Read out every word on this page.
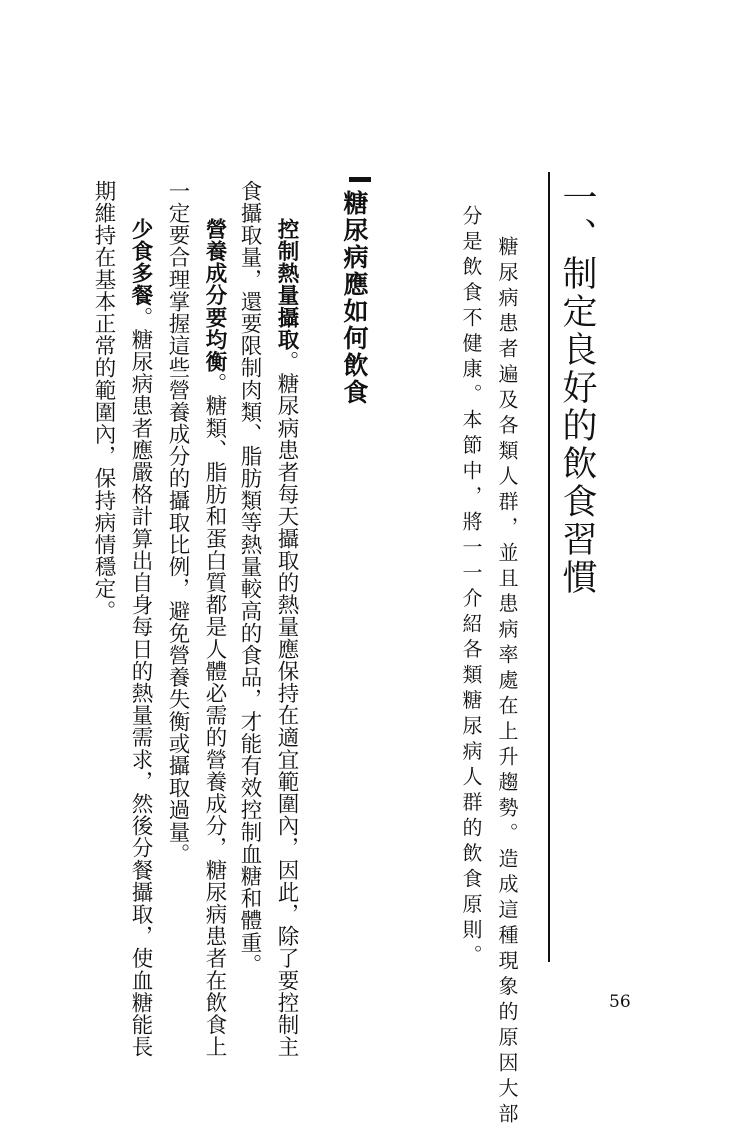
一、制定良好的飲食習慣
糖尿病患者遍及各類人群，並且患病率處在上升趨勢。造成這種現象的原因大部
分是飲食不健康。本節中，將一一介紹各類糖尿病人群的飲食原則。
糖尿病應如何飲食
控制熱量攝取。糖尿病患者每天攝取的熱量應保持在適宜範圍內，因此，除了要控制主
食攝取量，還要限制肉類、脂肪類等熱量較高的食品，才能有效控制血糖和體重。
營養成分要均衡。糖類、脂肪和蛋白質都是人體必需的營養成分，糖尿病患者在飲食上
一定要合理掌握這些營養成分的攝取比例，避免營養失衡或攝取過量。
少食多餐。糖尿病患者應嚴格計算出自身每日的熱量需求，然後分餐攝取，使血糖能長
期維持在基本正常的範圍內，保持病情穩定。
56
